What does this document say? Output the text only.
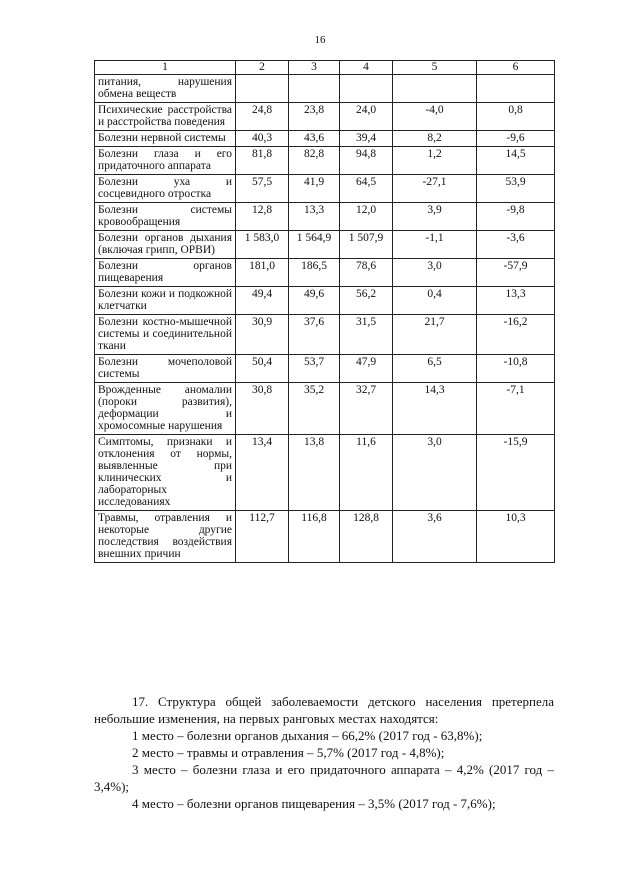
16
1	2	3	4	5	6
питания, нарушения обмена веществ					
Психические расстройства и расстройства поведения	24,8	23,8	24,0	-4,0	0,8
Болезни нервной системы	40,3	43,6	39,4	8,2	-9,6
Болезни глаза и его придаточного аппарата	81,8	82,8	94,8	1,2	14,5
Болезни уха и сосцевидного отростка	57,5	41,9	64,5	-27,1	53,9
Болезни системы кровообращения	12,8	13,3	12,0	3,9	-9,8
Болезни органов дыхания (включая грипп, ОРВИ)	1 583,0	1 564,9	1 507,9	-1,1	-3,6
Болезни органов пищеварения	181,0	186,5	78,6	3,0	-57,9
Болезни кожи и подкожной клетчатки	49,4	49,6	56,2	0,4	13,3
Болезни костно-мышечной системы и соединительной ткани	30,9	37,6	31,5	21,7	-16,2
Болезни мочеполовой системы	50,4	53,7	47,9	6,5	-10,8
Врожденные аномалии (пороки развития), деформации и хромосомные нарушения	30,8	35,2	32,7	14,3	-7,1
Симптомы, признаки и отклонения от нормы, выявленные при клинических и лабораторных исследованиях	13,4	13,8	11,6	3,0	-15,9
Травмы, отравления и некоторые другие последствия воздействия внешних причин	112,7	116,8	128,8	3,6	10,3
17. Структура общей заболеваемости детского населения претерпела небольшие изменения, на первых ранговых местах находятся:
1 место – болезни органов дыхания – 66,2% (2017 год - 63,8%);
2 место – травмы и отравления – 5,7% (2017 год - 4,8%);
3 место – болезни глаза и его придаточного аппарата – 4,2% (2017 год – 3,4%);
4 место – болезни органов пищеварения – 3,5% (2017 год - 7,6%);
